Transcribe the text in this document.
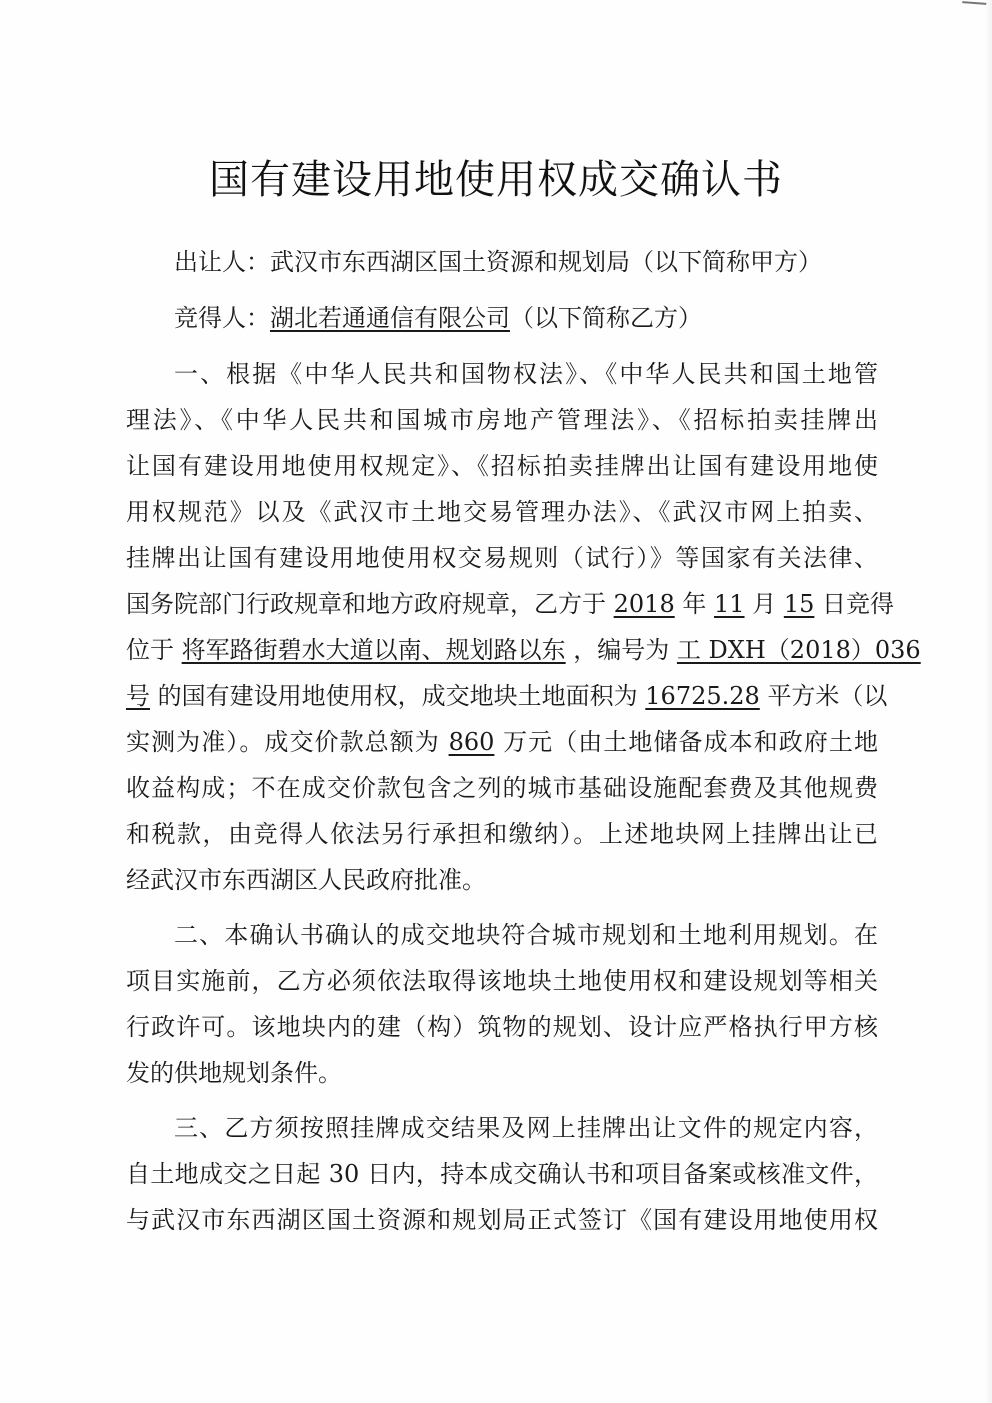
国有建设用地使用权成交确认书
出让人：武汉市东西湖区国土资源和规划局（以下简称甲方）
竞得人：湖北若通通信有限公司（以下简称乙方）
一、根据《中华人民共和国物权法》、《中华人民共和国土地管
理法》、《中华人民共和国城市房地产管理法》、《招标拍卖挂牌出
让国有建设用地使用权规定》、《招标拍卖挂牌出让国有建设用地使
用权规范》以及《武汉市土地交易管理办法》、《武汉市网上拍卖、
挂牌出让国有建设用地使用权交易规则（试行）》等国家有关法律、
国务院部门行政规章和地方政府规章，乙方于 2018 年 11 月 15 日竞得
位于 将军路街碧水大道以南、规划路以东 ，编号为 工 DXH（2018）036
号 的国有建设用地使用权，成交地块土地面积为 16725.28 平方米（以
实测为准）。成交价款总额为 860 万元（由土地储备成本和政府土地
收益构成；不在成交价款包含之列的城市基础设施配套费及其他规费
和税款，由竞得人依法另行承担和缴纳）。上述地块网上挂牌出让已
经武汉市东西湖区人民政府批准。
二、本确认书确认的成交地块符合城市规划和土地利用规划。在
项目实施前，乙方必须依法取得该地块土地使用权和建设规划等相关
行政许可。该地块内的建（构）筑物的规划、设计应严格执行甲方核
发的供地规划条件。
三、乙方须按照挂牌成交结果及网上挂牌出让文件的规定内容，
自土地成交之日起 30 日内，持本成交确认书和项目备案或核准文件，
与武汉市东西湖区国土资源和规划局正式签订《国有建设用地使用权
